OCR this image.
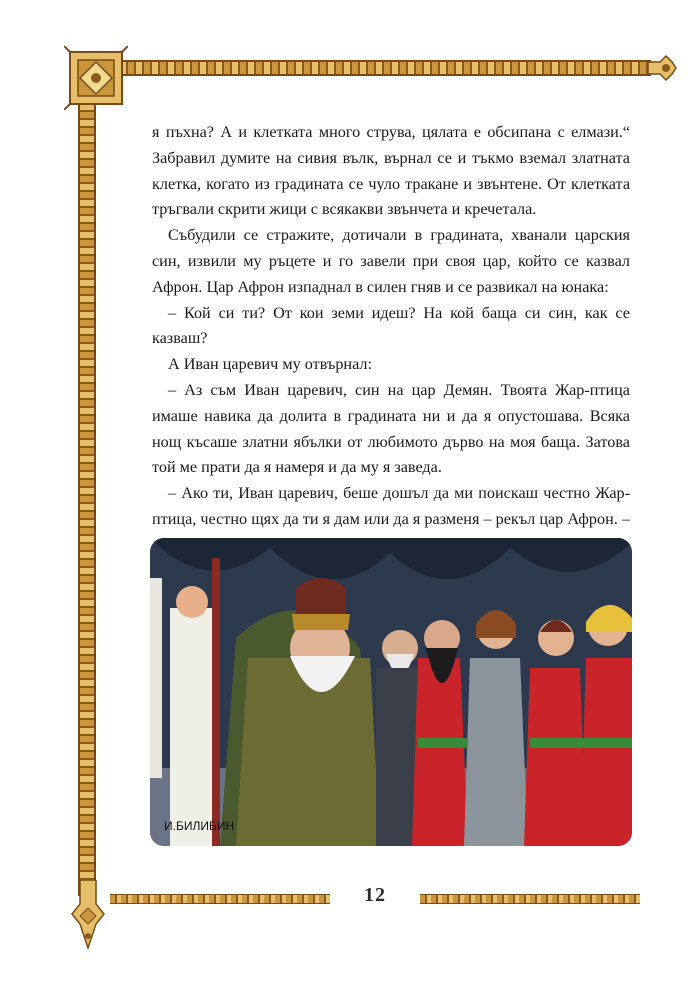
я пъхна? А и клетката много струва, цялата е обсипана с елмази.“ Забравил думите на сивия вълк, върнал се и тъкмо вземал златната клетка, когато из градината се чуло тракане и звънтене. От клетката тръгвали скрити жици с всякакви звънчета и кречетала.

Събудили се стражите, дотичали в градината, хванали царския син, извили му ръцете и го завели при своя цар, който се казвал Афрон. Цар Афрон изпаднал в силен гняв и се развикал на юнака:

– Кой си ти? От кои земи идеш? На кой баща си син, как се казваш?

А Иван царевич му отвърнал:

– Аз съм Иван царевич, син на цар Демян. Твоята Жар-птица имаше навика да долита в градината ни и да я опустошава. Всяка нощ късаше златни ябълки от любимото дърво на моя баща. Затова той ме прати да я намеря и да му я заведа.

– Ако ти, Иван царевич, беше дошъл да ми поискаш честно Жар-птица, честно щях да ти я дам или да я разменя – рекъл цар Афрон. –

И.БИЛИБИН
12
